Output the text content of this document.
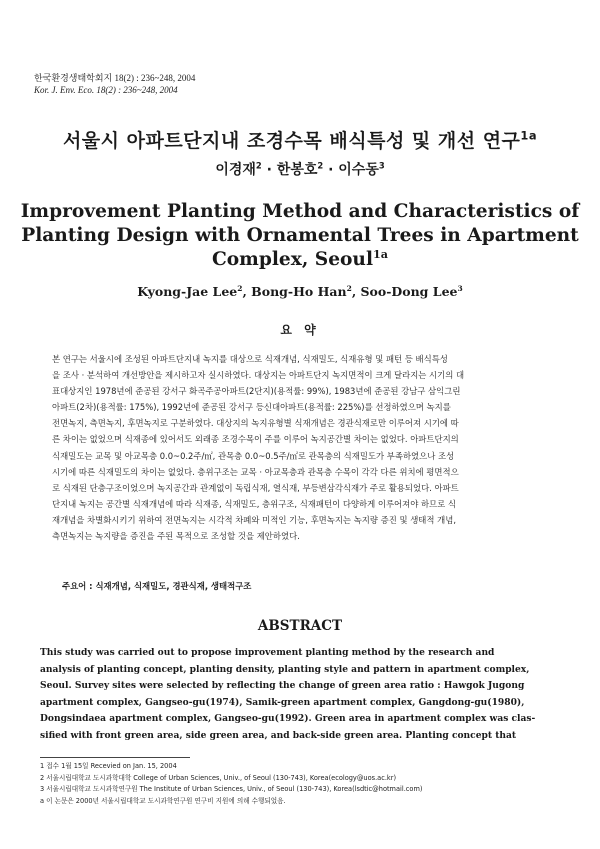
한국환경생태학회지 18(2) : 236~248, 2004
Kor. J. Env. Eco. 18(2) : 236~248, 2004
서울시 아파트단지내 조경수목 배식특성 및 개선 연구$^{1a}$
이경재$^2$ · 한봉호$^2$ · 이수동$^3$
Improvement Planting Method and Characteristics of
Planting Design with Ornamental Trees in Apartment
Complex, Seoul$^{1a}$
Kyong-Jae Lee$^2$, Bong-Ho Han$^2$, Soo-Dong Lee$^3$
요 약
본 연구는 서울시에 조성된 아파트단지내 녹지를 대상으로 식재개념, 식재밀도, 식재유형 및 패턴 등 배식특성
을 조사 · 분석하여 개선방안을 제시하고자 실시하였다. 대상지는 아파트단지 녹지면적이 크게 달라지는 시기의 대
표대상지인 1978년에 준공된 강서구 화곡주공아파트(2단지)(용적률: 99%), 1983년에 준공된 강남구 삼익그린
아파트(2차)(용적률: 175%), 1992년에 준공된 강서구 등신대아파트(용적률: 225%)를 선정하였으며 녹지를
전면녹지, 측면녹지, 후면녹지로 구분하였다. 대상지의 녹지유형별 식재개념은 경관식재로만 이루어져 시기에 따
른 차이는 없었으며 식재종에 있어서도 외래종 조경수목이 주를 이루어 녹지공간별 차이는 없었다. 아파트단지의
식재밀도는 교목 및 아교목층 0.0~0.2주/㎡, 관목층 0.0~0.5주/㎡로 관목층의 식재밀도가 부족하였으나 조성
시기에 따른 식재밀도의 차이는 없었다. 층위구조는 교목 · 아교목층과 관목층 수목이 각각 다른 위치에 평면적으
로 식재된 단층구조이었으며 녹지공간과 관계없이 독립식재, 열식재, 부등변삼각식재가 주로 활용되었다. 아파트
단지내 녹지는 공간별 식재개념에 따라 식재종, 식재밀도, 층위구조, 식재패턴이 다양하게 이루어져야 하므로 식
재개념을 차별화시키기 위하여 전면녹지는 시각적 차폐와 미적인 기능, 후면녹지는 녹지량 증진 및 생태적 개념,
측면녹지는 녹지량을 증진을 주된 목적으로 조성할 것을 제안하였다.
주요어 : 식재개념, 식재밀도, 경관식재, 생태적구조
ABSTRACT
This study was carried out to propose improvement planting method by the research and
analysis of planting concept, planting density, planting style and pattern in apartment complex,
Seoul. Survey sites were selected by reflecting the change of green area ratio : Hawgok Jugong
apartment complex, Gangseo-gu(1974), Samik-green apartment complex, Gangdong-gu(1980),
Dongsindaea apartment complex, Gangseo-gu(1992). Green area in apartment complex was clas-
sified with front green area, side green area, and back-side green area. Planting concept that
1 접수 1월 15일 Recevied on Jan. 15, 2004
2 서울시립대학교 도시과학대학 College of Urban Sciences, Univ., of Seoul (130-743), Korea(ecology@uos.ac.kr)
3 서울시립대학교 도시과학연구원 The Institute of Urban Sciences, Univ., of Seoul (130-743), Korea(lsdtic@hotmail.com)
a 이 논문은 2000년 서울시립대학교 도시과학연구원 연구비 지원에 의해 수행되었음.
